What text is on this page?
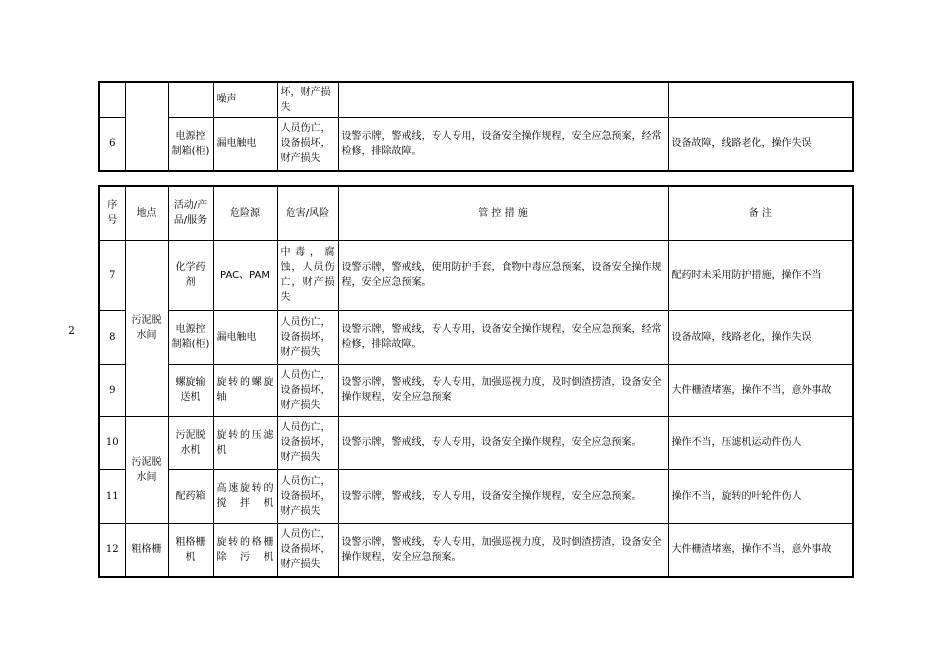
2
			噪声	坏，财产损失		
6		电源控制箱(柜)	漏电触电	人员伤亡，设备损坏，财产损失	设警示牌，警戒线，专人专用，设备安全操作规程，安全应急预案，经常检修，排除故障。	设备故障，线路老化，操作失误
序号	地点	活动/产品/服务	危险源	危害/风险	管 控 措 施	备 注
7	污泥脱水间	化学药剂	PAC、PAM	中毒，腐蚀，人员伤亡，财产损失	设警示牌，警戒线，使用防护手套，食物中毒应急预案，设备安全操作规程，安全应急预案。	配药时未采用防护措施，操作不当
8		电源控制箱(柜)	漏电触电	人员伤亡，设备损坏，财产损失	设警示牌，警戒线，专人专用，设备安全操作规程，安全应急预案，经常检修，排除故障。	设备故障，线路老化，操作失误
9		螺旋输送机	旋转的螺旋轴	人员伤亡，设备损坏，财产损失	设警示牌，警戒线，专人专用，加强巡视力度，及时倒渣捞渣，设备安全操作规程，安全应急预案	大件栅渣堵塞，操作不当，意外事故
10	污泥脱水间	污泥脱水机	旋转的压滤机	人员伤亡，设备损坏，财产损失	设警示牌，警戒线，专人专用，设备安全操作规程，安全应急预案。	操作不当，压滤机运动件伤人
11		配药箱	高速旋转的搅拌机	人员伤亡，设备损坏，财产损失	设警示牌，警戒线，专人专用，设备安全操作规程，安全应急预案。	操作不当，旋转的叶轮件伤人
12	粗格栅	粗格栅机	旋转的格栅除污机	人员伤亡，设备损坏，财产损失	设警示牌，警戒线，专人专用，加强巡视力度，及时倒渣捞渣，设备安全操作规程，安全应急预案。	大件栅渣堵塞，操作不当，意外事故
